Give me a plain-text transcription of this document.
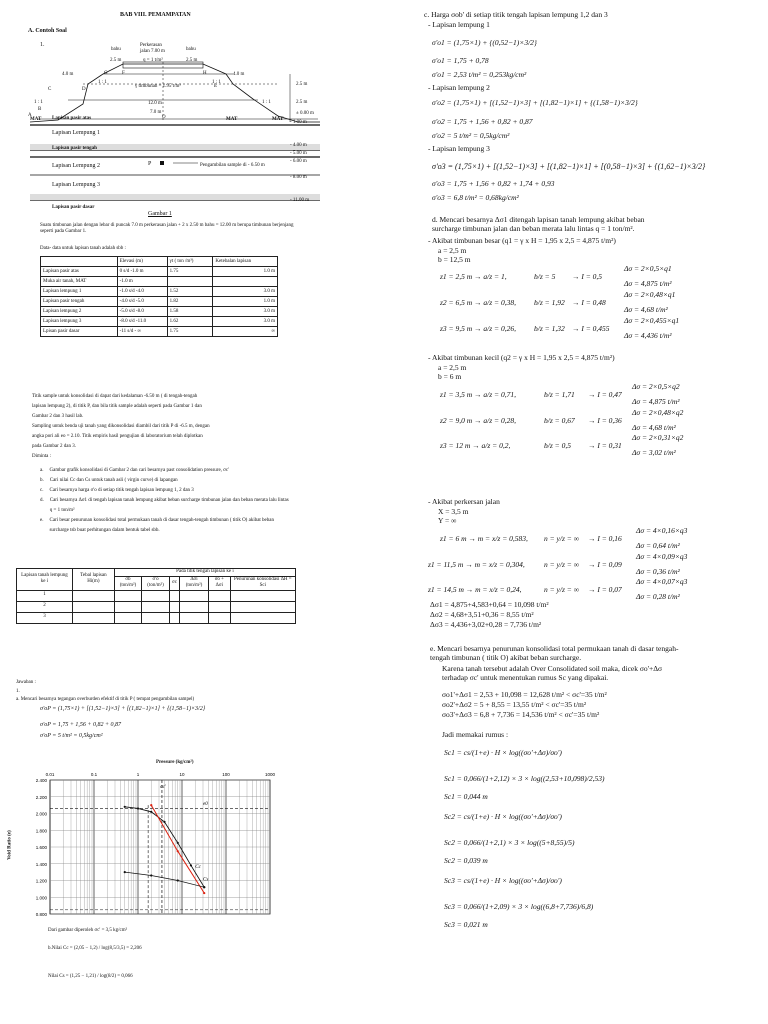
BAB VIII. PEMAMPATAN
A. Contoh Soal
1.
bahu
Perkerasan
jalan 7.00 m	bahu
2.5 m	2.5 m
q = 1 t/m²
γ timbunan = 1.95 t/m³
4.0 m	4.0 m
G	F	H
E
C	D
B
A
1 : 1
1 : 1	1 : 1
1 : 1
12.0 m
7.0 m
O
2.5 m
2.5 m
± 0.00 m
MAT	MAT	MAT
Lapisan pasir atas
Lapisan Lempung 1
Lapisan pasir tengah
Lapisan Lempung 2
Lapisan Lempung 3
Lapisan pasir dasar
- 1.00 m
- 4.00 m
- 5.00 m
- 6.00 m
- 8.00 m
- 11.00 m
P	Pengambilan sample di - 6.50 m
Gambar 1
Suatu timbunan jalan dengan lebar di puncak 7.0 m perkerasan jalan + 2 x 2.50 m bahu = 12.00 m berupa timbunan berjenjang seperti pada Gambar 1.
Data- data untuk lapisan tanah adalah sbb :
	Elevasi (m)	γt ( ton /m³)	Ketebalan lapisan
Lapisan pasir atas	0 s/d -1.0 m	1.75	1.0 m
Muka air tanah, MAT	-1.0 m		
Lapisan lempung 1	-1.0 s/d -4.0	1.52	3.0 m
Lapisan pasir tengah	-4.0 s/d -5.0	1.82	1.0 m
Lapisan lempung 2	-5.0 s/d -8.0	1.58	3.0 m
Lapisan lempung 3	-8.0 s/d -11.0	1.62	3.0 m
Lpisan pasir dasar	-11 s/d - ∞	1.75	∞
Titik sample untuk konsolidasi di dapat dari kedalaman -6.50 m ( di tengah-tengah
lapisan lempung 2), di titik P, dan bila titik sample adalah seperti pada Gambar 1 dan
Gambar 2 dan 3 hasil lab.
Sampling untuk benda uji tanah yang dikonsolidasi diambil dari titik P di -6.5 m, dengan
angka pori ali eo = 2.10. Titik empiris hasil pengujian di laboratorium telah diplotkan
pada Gambar 2 dan 3.
Diminta :
a. Gambar grafik konsolidasi di Gambar 2 dan cari besarnya past consolidation pressure, σc'
b. Cari nilai Cc dan Cs untuk tanah asli ( virgin curve) di lapangan
c. Cari besarnya harga σ'o di setiap titik tengah lapisan lempung 1, 2 dan 3
d. Cari besarnya Δσ1 di tengah lapisan tanah lempung akibat beban surcharge timbunan jalan dan beban merata lalu lintas q = 1 ton/m²
e. Cari besar penurunan konsolidasi total permukaan tanah di dasar tengah-tengah timbunan ( titik O) akibat beban surcharge tsb buat perhitungan dalam bentuk tabel sbb.
Lapisan tanah lempung ke i	Tebal lapisan Hi(m)	Pada titik tengah lapisan ke i					
		σb (ton/m²)	σ'o (ton/m²)	σc	Δσi (ton/m²)	σo + Δσi	Penurunan konsolidasi ΔH = Sci
1							
2							
3							
Jawaban :
1.
a. Mencari besarnya tegangan overburden efektif di titik P ( tempat pengambilan sampel)
σ'oP = (1,75×1) + [(1,52−1)×3] + [(1,82−1)×1] + {(1,58−1)×3/2}
σ'oP = 1,75 + 1,56 + 0,82 + 0,87
σ'oP = 5 t/m² = 0,5kg/cm²
Pressure (kg/cm²)
2.400
2.200
2.000
1.800
1.600
1.400
1.200
1.000
0.800
0.01	0.1	1	10	100	1000
σc'
e0
Cc
Cs
Void Ratio (e)
Dari gambar diperoleh σc' = 3,5 kg/cm²
b.Nilai Cc = (2,05 − 1,2) / log(8,5/3,5) = 2,206
Nilai Cs = (1,25 − 1,21) / log(8/2) = 0,066
c. Harga σob' di setiap titik tengah lapisan lempung 1,2 dan 3
- Lapisan lempung 1
σ'o1 = (1,75×1) + {(0,52−1)×3/2}
σ'o1 = 1,75 + 0,78
σ'o1 = 2,53 t/m² = 0,253kg/cm²
- Lapisan lempung 2
σ'o2 = (1,75×1) + [(1,52−1)×3] + [(1,82−1)×1] + {(1,58−1)×3/2}
σ'o2 = 1,75 + 1,56 + 0,82 + 0,87
σ'o2 = 5 t/m² = 0,5kg/cm²
- Lapisan lempung 3
σ'o3 = (1,75×1) + [(1,52−1)×3] + [(1,82−1)×1] + [(0,58−1)×3] + {(1,62−1)×3/2}
σ'o3 = 1,75 + 1,56 + 0,82 + 1,74 + 0,93
σ'o3 = 6,8 t/m² = 0,68kg/cm²
d. Mencari besarnya Δσ1 ditengah lapisan tanah lempung akibat beban surcharge timbunan jalan dan beban merata lalu lintas q = 1 ton/m².
- Akibat timbunan besar (q1 = γ x H = 1,95 x 2,5 = 4,875 t/m²)
a = 2,5 m
b = 12,5 m
z1 = 2,5 m → a/z = 1,	b/z = 5 → I = 0,5
Δσ = 2×0,5×q1
Δσ = 4,875 t/m²
z2 = 6,5 m → a/z = 0,38, b/z = 1,92 → I = 0,48
Δσ = 2×0,48×q1
Δσ = 4,68 t/m²
z3 = 9,5 m → a/z = 0,26, b/z = 1,32 → I = 0,455
Δσ = 2×0,455×q1
Δσ = 4,436 t/m²
- Akibat timbunan kecil (q2 = γ x H = 1,95 x 2,5 = 4,875 t/m²)
a = 2,5 m
b = 6 m
z1 = 3,5 m → a/z = 0,71,	b/z = 1,71 → I = 0,47
Δσ = 2×0,5×q2
Δσ = 4,875 t/m²
z2 = 9,0 m → a/z = 0,28,	b/z = 0,67 → I = 0,36
Δσ = 2×0,48×q2
Δσ = 4,68 t/m²
z3 = 12 m → a/z = 0,2,	b/z = 0,5 → I = 0,31
Δσ = 2×0,31×q2
Δσ = 3,02 t/m²
- Akibat perkersan jalan
X = 3,5 m
Y = ∞
z1 = 6 m → m = x/z = 0,583, n = y/z = ∞ → I = 0,16
Δσ = 4×0,16×q3
Δσ = 0,64 t/m²
z1 = 11,5 m → m = x/z = 0,304,	n = y/z = ∞ → I = 0,09
Δσ = 4×0,09×q3
Δσ = 0,36 t/m²
z1 = 14,5 m → m = x/z = 0,24,	n = y/z = ∞ → I = 0,07
Δσ = 4×0,07×q3
Δσ = 0,28 t/m²
Δσ1 = 4,875+4,583+0,64 = 10,098 t/m²
Δσ2 = 4,68+3,51+0,36 = 8,55 t/m²
Δσ3 = 4,436+3,02+0,28 = 7,736 t/m²
e. Mencari besarnya penurunan konsolidasi total permukaan tanah di dasar tengah-tengah timbunan ( titik O) akibat beban surcharge.
Karena tanah tersebut adalah Over Consolidated soil maka, dicek σo'+Δσ terhadap σc' untuk menentukan rumus Sc yang dipakai.
σo1'+Δσ1 = 2,53 + 10,098 = 12,628 t/m² < σc'=35 t/m²
σo2'+Δσ2 = 5 + 8,55 = 13,55 t/m² < σc'=35 t/m²
σo3'+Δσ3 = 6,8 + 7,736 = 14,536 t/m² < σc'=35 t/m²
Jadi memakai rumus :
Sc1 = cs/(1+e) · H × log((σo'+Δσ)/σo')
Sc1 = 0,066/(1+2,12) × 3 × log((2,53+10,098)/2,53)
Sc1 = 0,044 m
Sc2 = cs/(1+e) · H × log((σo'+Δσ)/σo')
Sc2 = 0,066/(1+2,1) × 3 × log((5+8,55)/5)
Sc2 = 0,039 m
Sc3 = cs/(1+e) · H × log((σo'+Δσ)/σo')
Sc3 = 0,066/(1+2,09) × 3 × log((6,8+7,736)/6,8)
Sc3 = 0,021 m
